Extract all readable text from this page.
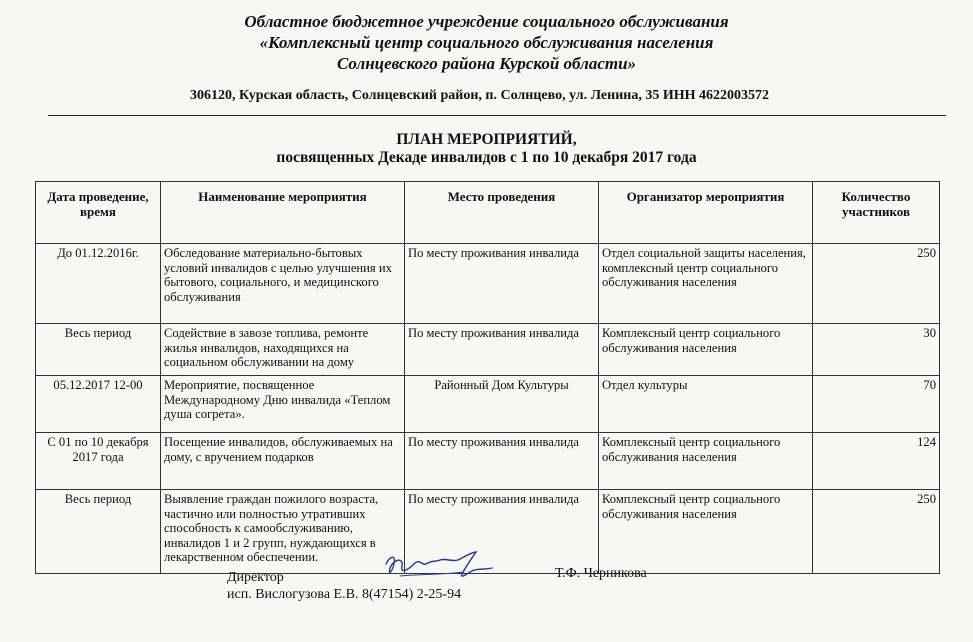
Областное бюджетное учреждение социального обслуживания
«Комплексный центр социального обслуживания населения
Солнцевского района Курской области»
306120, Курская область, Солнцевский район, п. Солнцево, ул. Ленина, 35 ИНН 4622003572
ПЛАН МЕРОПРИЯТИЙ,
посвященных Декаде инвалидов с 1 по 10 декабря 2017 года
Дата проведение, время	Наименование мероприятия	Место проведения	Организатор мероприятия	Количество участников
До 01.12.2016г.	Обследование материально-бытовых условий инвалидов с целью улучшения их бытового, социального, и медицинского обслуживания	По месту проживания инвалида	Отдел социальной защиты населения, комплексный центр социального обслуживания населения	250
Весь период	Содействие в завозе топлива, ремонте жилья инвалидов, находящихся на социальном обслуживании на дому	По месту проживания инвалида	Комплексный центр социального обслуживания населения	30
05.12.2017 12-00	Мероприятие, посвященное Международному Дню инвалида «Теплом душа согрета».	Районный Дом Культуры	Отдел культуры	70
С 01 по 10 декабря 2017 года	Посещение инвалидов, обслуживаемых на дому, с вручением подарков	По месту проживания инвалида	Комплексный центр социального обслуживания населения	124
Весь период	Выявление граждан пожилого возраста, частично или полностью утративших способность к самообслуживанию, инвалидов 1 и 2 групп, нуждающихся в лекарственном обеспечении.	По месту проживания инвалида	Комплексный центр социального обслуживания населения	250
Директор	Т.Ф. Черникова
исп. Вислогузова Е.В. 8(47154) 2-25-94
